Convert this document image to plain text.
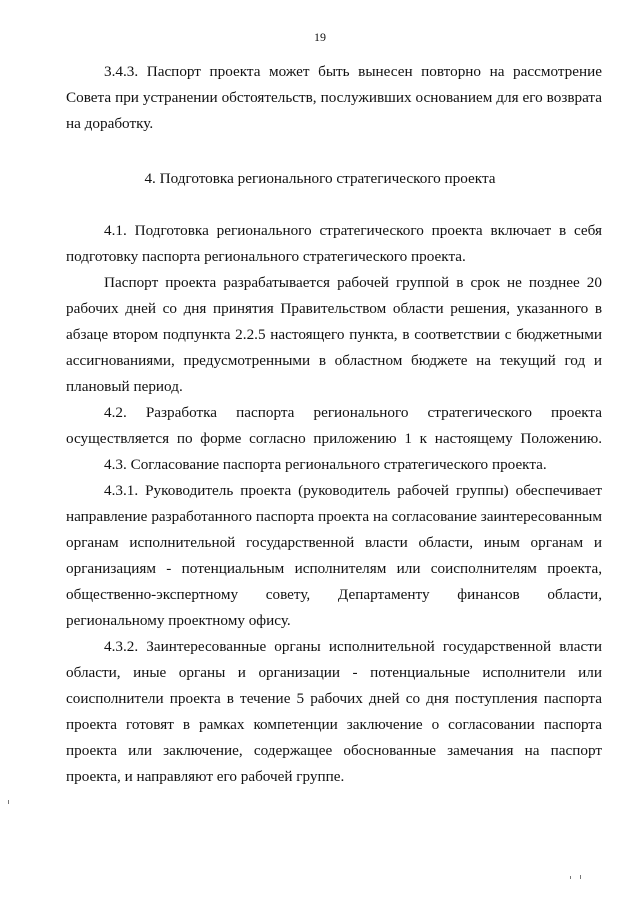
19

3.4.3. Паспорт проекта может быть вынесен повторно на рассмотрение Совета при устранении обстоятельств, послуживших основанием для его возврата на доработку.

4. Подготовка регионального стратегического проекта

4.1. Подготовка регионального стратегического проекта включает в себя подготовку паспорта регионального стратегического проекта.

Паспорт проекта разрабатывается рабочей группой в срок не позднее 20 рабочих дней со дня принятия Правительством области решения, указанного в абзаце втором подпункта 2.2.5 настоящего пункта, в соответствии с бюджетными ассигнованиями, предусмотренными в областном бюджете на текущий год и плановый период.

4.2. Разработка паспорта регионального стратегического проекта осуществляется по форме согласно приложению 1 к настоящему Положению.

4.3. Согласование паспорта регионального стратегического проекта.

4.3.1. Руководитель проекта (руководитель рабочей группы) обеспечивает направление разработанного паспорта проекта на согласование заинтересованным органам исполнительной государственной власти области, иным органам и организациям - потенциальным исполнителям или соисполнителям проекта, общественно-экспертному совету, Департаменту финансов области, региональному проектному офису.

4.3.2. Заинтересованные органы исполнительной государственной власти области, иные органы и организации - потенциальные исполнители или соисполнители проекта в течение 5 рабочих дней со дня поступления паспорта проекта готовят в рамках компетенции заключение о согласовании паспорта проекта или заключение, содержащее обоснованные замечания на паспорт проекта, и направляют его рабочей группе.
